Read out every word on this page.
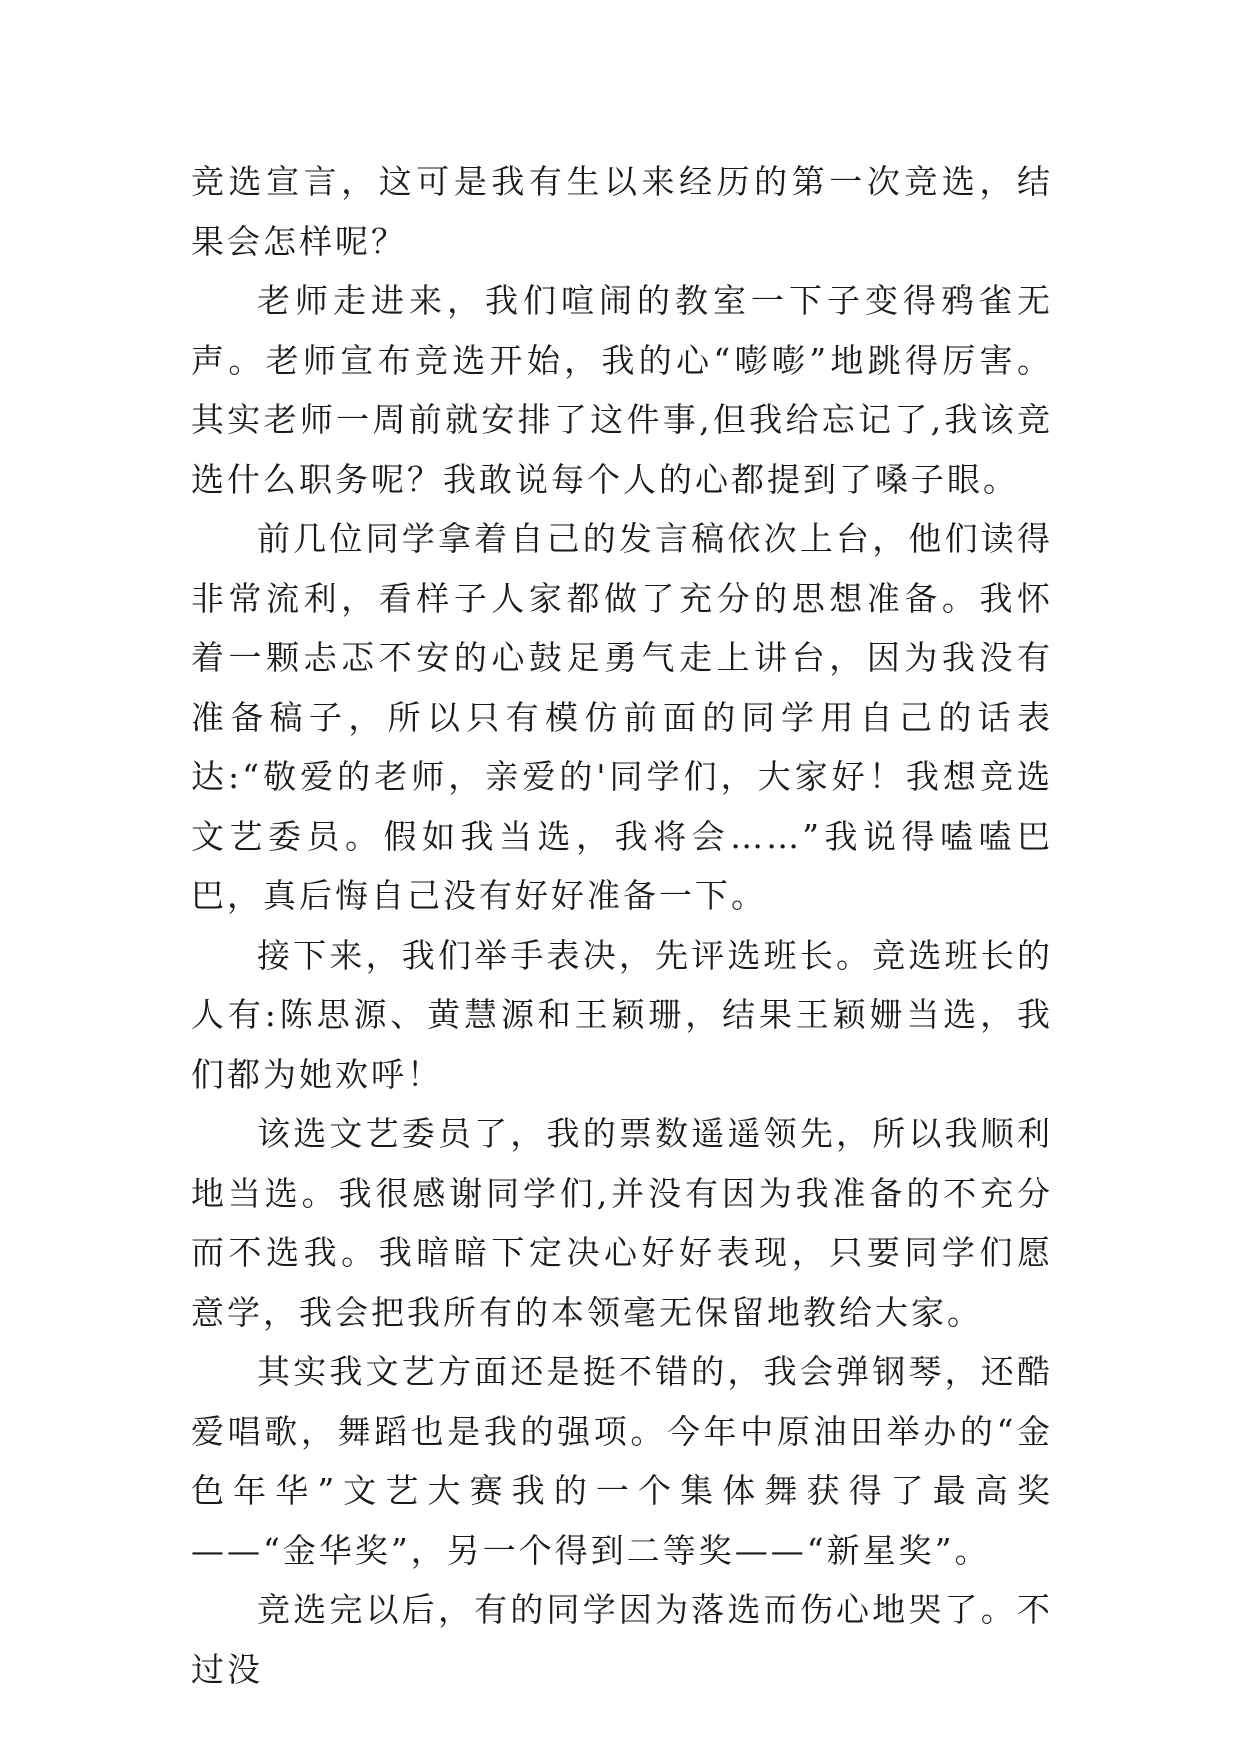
竞选宣言，这可是我有生以来经历的第一次竞选，结果会怎样呢？

老师走进来，我们喧闹的教室一下子变得鸦雀无声。老师宣布竞选开始，我的心“嘭嘭”地跳得厉害。其实老师一周前就安排了这件事,但我给忘记了,我该竞选什么职务呢？我敢说每个人的心都提到了嗓子眼。

前几位同学拿着自己的发言稿依次上台，他们读得非常流利，看样子人家都做了充分的思想准备。我怀着一颗忐忑不安的心鼓足勇气走上讲台，因为我没有准备稿子，所以只有模仿前面的同学用自己的话表达:“敬爱的老师，亲爱的'同学们，大家好！我想竞选文艺委员。假如我当选，我将会……”我说得嗑嗑巴巴，真后悔自己没有好好准备一下。

接下来，我们举手表决，先评选班长。竞选班长的人有:陈思源、黄慧源和王颖珊，结果王颖姗当选，我们都为她欢呼！

该选文艺委员了，我的票数遥遥领先，所以我顺利地当选。我很感谢同学们,并没有因为我准备的不充分而不选我。我暗暗下定决心好好表现，只要同学们愿意学，我会把我所有的本领毫无保留地教给大家。

其实我文艺方面还是挺不错的，我会弹钢琴，还酷爱唱歌，舞蹈也是我的强项。今年中原油田举办的“金色年华”文艺大赛我的一个集体舞获得了最高奖——“金华奖”，另一个得到二等奖——“新星奖”。

竞选完以后，有的同学因为落选而伤心地哭了。不过没
